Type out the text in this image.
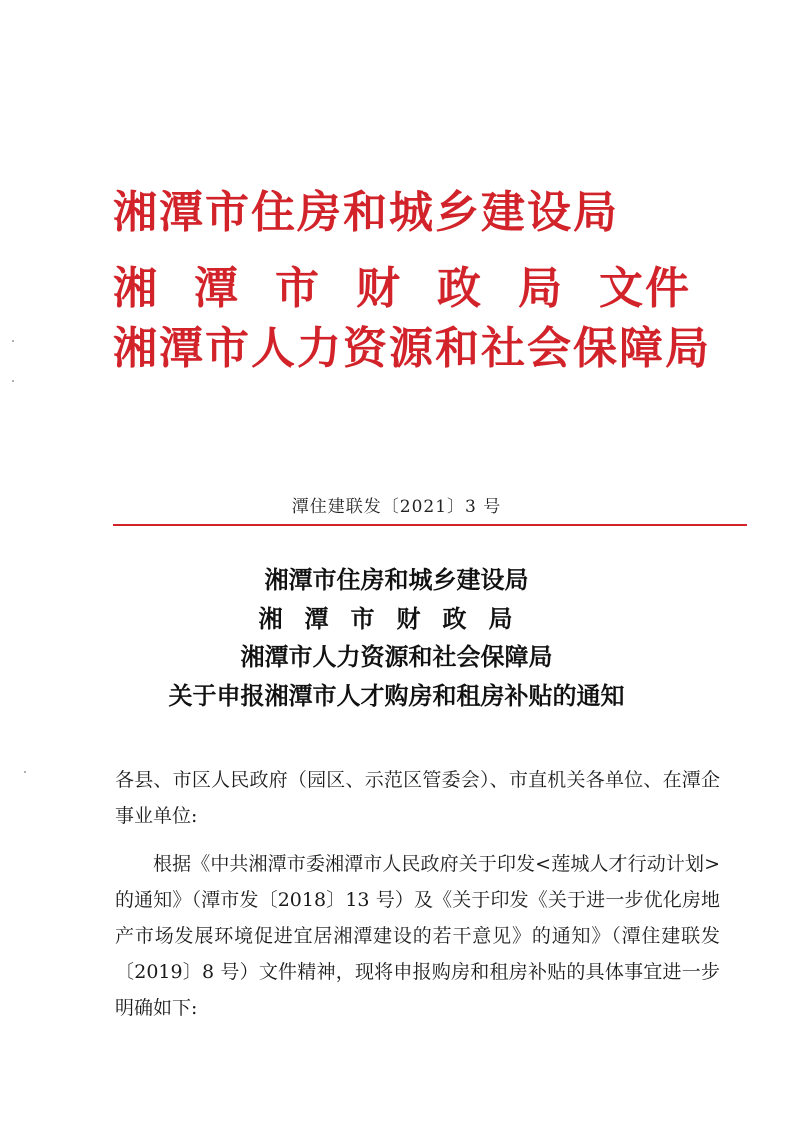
湘潭市住房和城乡建设局
湘潭市财政局文件
湘潭市人力资源和社会保障局
潭住建联发〔2021〕3 号
湘潭市住房和城乡建设局
湘潭市财政局
湘潭市人力资源和社会保障局
关于申报湘潭市人才购房和租房补贴的通知
各县、市区人民政府（园区、示范区管委会）、市直机关各单位、在潭企事业单位:
根据《中共湘潭市委湘潭市人民政府关于印发<莲城人才行动计划>的通知》（潭市发〔2018〕13 号）及《关于印发《关于进一步优化房地产市场发展环境促进宜居湘潭建设的若干意见》的通知》（潭住建联发〔2019〕8 号）文件精神，现将申报购房和租房补贴的具体事宜进一步明确如下:
